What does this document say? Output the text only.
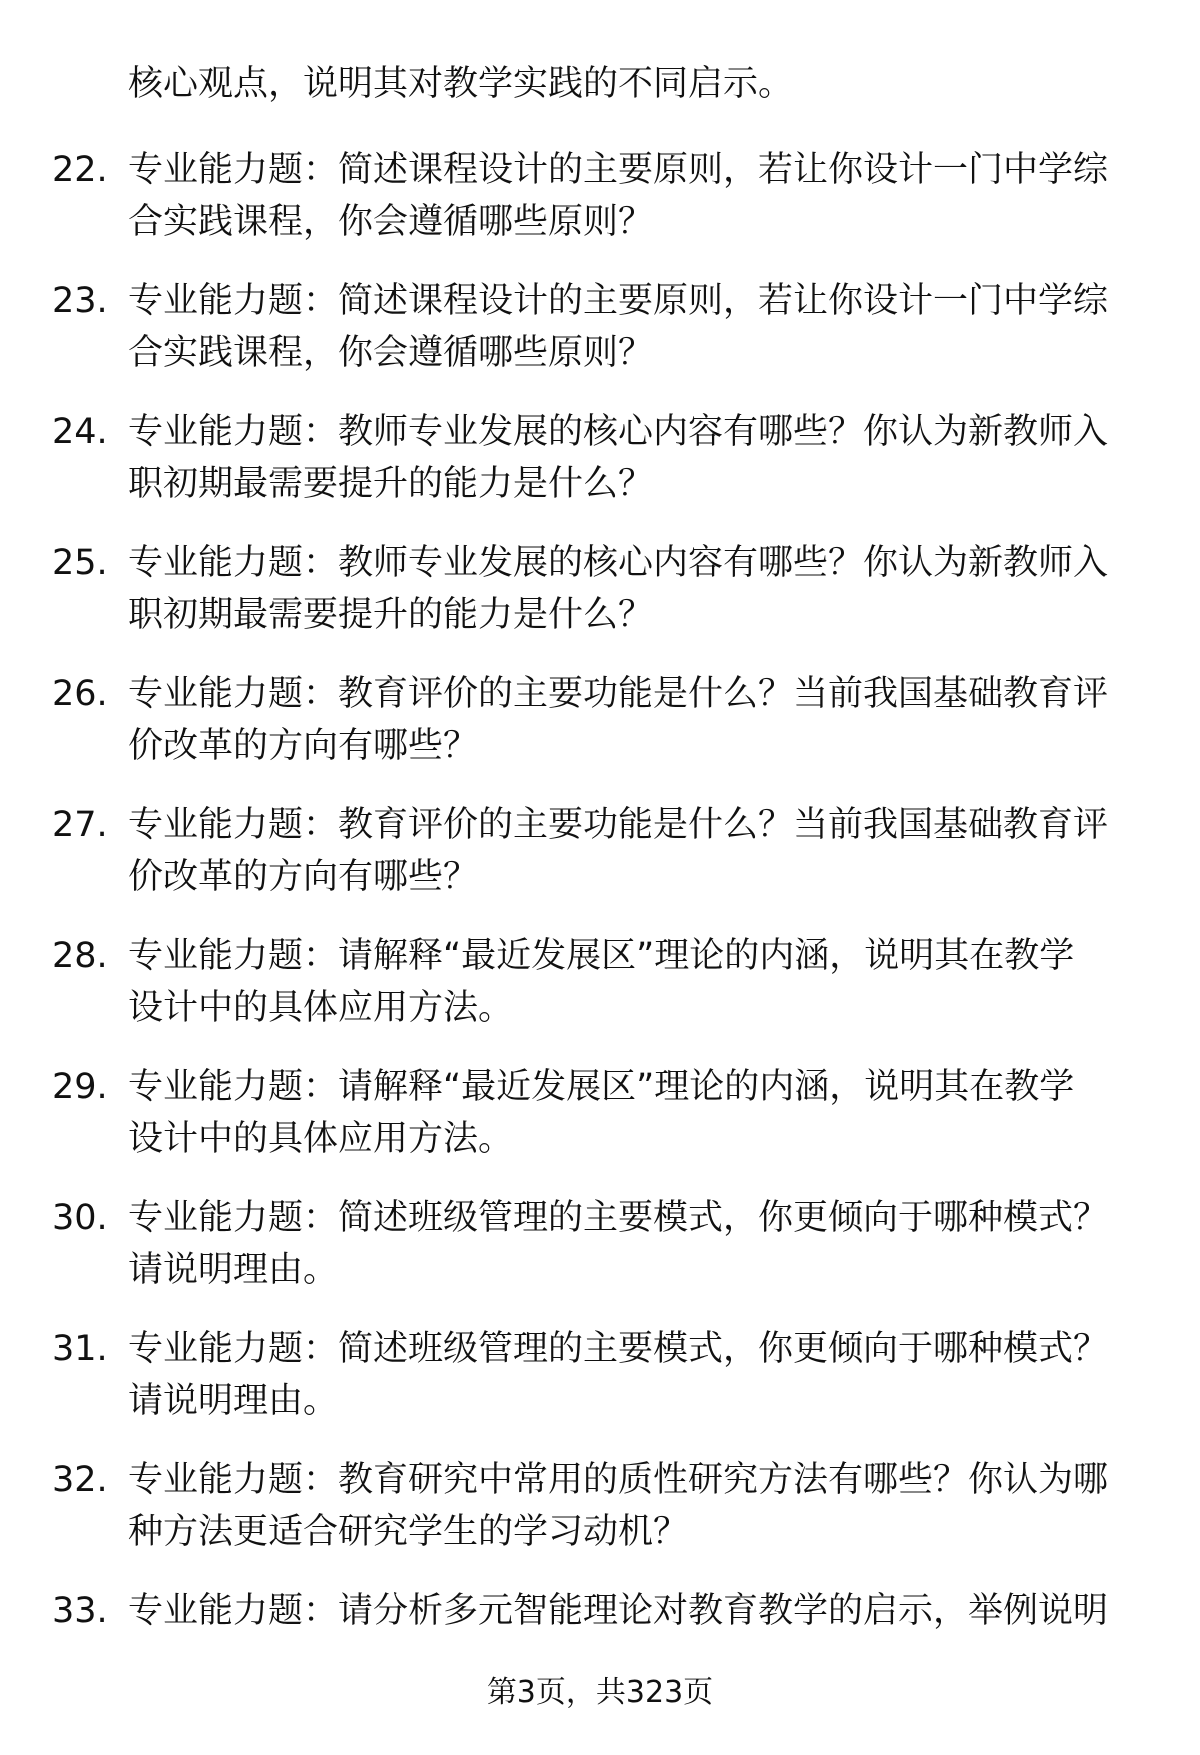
核心观点，说明其对教学实践的不同启示。
22. 专业能力题：简述课程设计的主要原则，若让你设计一门中学综
合实践课程，你会遵循哪些原则？
23. 专业能力题：简述课程设计的主要原则，若让你设计一门中学综
合实践课程，你会遵循哪些原则？
24. 专业能力题：教师专业发展的核心内容有哪些？你认为新教师入
职初期最需要提升的能力是什么？
25. 专业能力题：教师专业发展的核心内容有哪些？你认为新教师入
职初期最需要提升的能力是什么？
26. 专业能力题：教育评价的主要功能是什么？当前我国基础教育评
价改革的方向有哪些？
27. 专业能力题：教育评价的主要功能是什么？当前我国基础教育评
价改革的方向有哪些？
28. 专业能力题：请解释“最近发展区”理论的内涵，说明其在教学
设计中的具体应用方法。
29. 专业能力题：请解释“最近发展区”理论的内涵，说明其在教学
设计中的具体应用方法。
30. 专业能力题：简述班级管理的主要模式，你更倾向于哪种模式？
请说明理由。
31. 专业能力题：简述班级管理的主要模式，你更倾向于哪种模式？
请说明理由。
32. 专业能力题：教育研究中常用的质性研究方法有哪些？你认为哪
种方法更适合研究学生的学习动机？
33. 专业能力题：请分析多元智能理论对教育教学的启示，举例说明
第3页，共323页
